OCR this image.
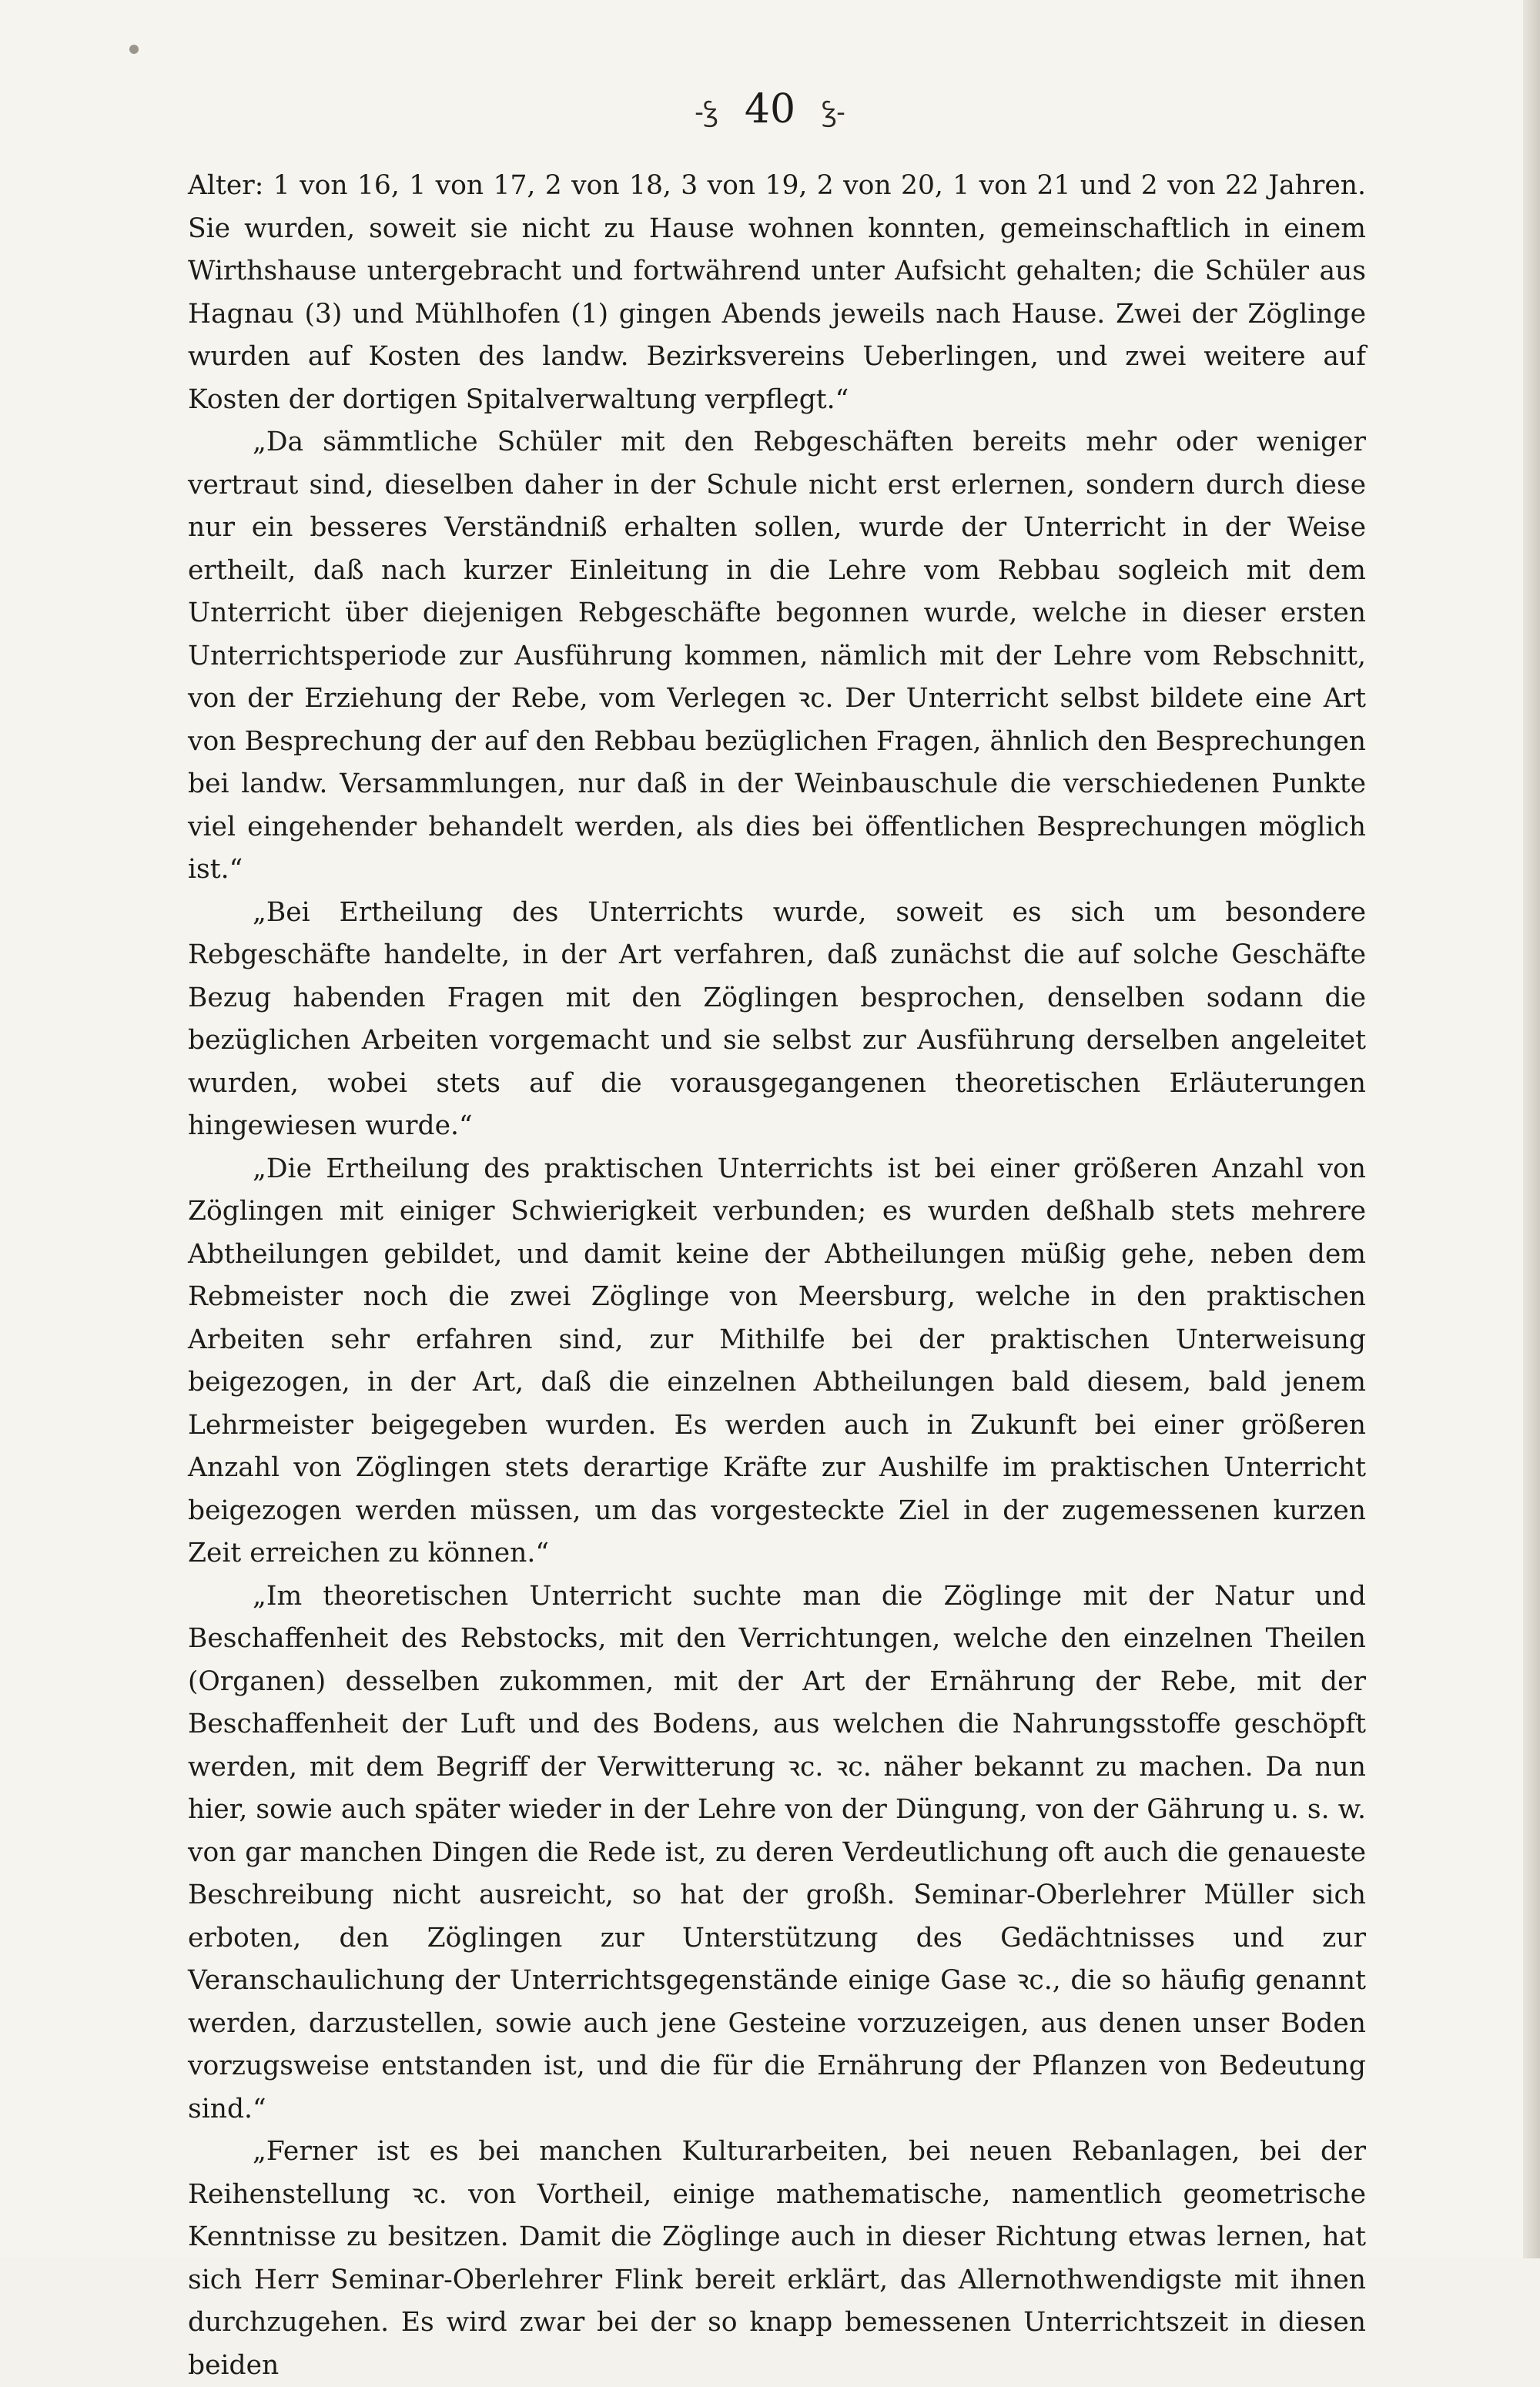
-Ꝣ 40 Ꝣ-

Alter: 1 von 16, 1 von 17, 2 von 18, 3 von 19, 2 von 20, 1 von 21 und 2 von 22 Jahren. Sie wurden, soweit sie nicht zu Hause wohnen konnten, gemeinschaftlich in einem Wirthshause untergebracht und fortwährend unter Aufsicht gehalten; die Schüler aus Hagnau (3) und Mühlhofen (1) gingen Abends jeweils nach Hause. Zwei der Zöglinge wurden auf Kosten des landw. Bezirksvereins Ueberlingen, und zwei weitere auf Kosten der dortigen Spitalverwaltung verpflegt.“

„Da sämmtliche Schüler mit den Rebgeschäften bereits mehr oder weniger vertraut sind, dieselben daher in der Schule nicht erst erlernen, sondern durch diese nur ein besseres Verständniß erhalten sollen, wurde der Unterricht in der Weise ertheilt, daß nach kurzer Einleitung in die Lehre vom Rebbau sogleich mit dem Unterricht über diejenigen Rebgeschäfte begonnen wurde, welche in dieser ersten Unterrichtsperiode zur Ausführung kommen, nämlich mit der Lehre vom Rebschnitt, von der Erziehung der Rebe, vom Verlegen ꝛc. Der Unterricht selbst bildete eine Art von Besprechung der auf den Rebbau bezüglichen Fragen, ähnlich den Besprechungen bei landw. Versammlungen, nur daß in der Weinbauschule die verschiedenen Punkte viel eingehender behandelt werden, als dies bei öffentlichen Besprechungen möglich ist.“

„Bei Ertheilung des Unterrichts wurde, soweit es sich um besondere Rebgeschäfte handelte, in der Art verfahren, daß zunächst die auf solche Geschäfte Bezug habenden Fragen mit den Zöglingen besprochen, denselben sodann die bezüglichen Arbeiten vorgemacht und sie selbst zur Ausführung derselben angeleitet wurden, wobei stets auf die vorausgegangenen theoretischen Erläuterungen hingewiesen wurde.“

„Die Ertheilung des praktischen Unterrichts ist bei einer größeren Anzahl von Zöglingen mit einiger Schwierigkeit verbunden; es wurden deßhalb stets mehrere Abtheilungen gebildet, und damit keine der Abtheilungen müßig gehe, neben dem Rebmeister noch die zwei Zöglinge von Meersburg, welche in den praktischen Arbeiten sehr erfahren sind, zur Mithilfe bei der praktischen Unterweisung beigezogen, in der Art, daß die einzelnen Abtheilungen bald diesem, bald jenem Lehrmeister beigegeben wurden. Es werden auch in Zukunft bei einer größeren Anzahl von Zöglingen stets derartige Kräfte zur Aushilfe im praktischen Unterricht beigezogen werden müssen, um das vorgesteckte Ziel in der zugemessenen kurzen Zeit erreichen zu können.“

„Im theoretischen Unterricht suchte man die Zöglinge mit der Natur und Beschaffenheit des Rebstocks, mit den Verrichtungen, welche den einzelnen Theilen (Organen) desselben zukommen, mit der Art der Ernährung der Rebe, mit der Beschaffenheit der Luft und des Bodens, aus welchen die Nahrungsstoffe geschöpft werden, mit dem Begriff der Verwitterung ꝛc. ꝛc. näher bekannt zu machen. Da nun hier, sowie auch später wieder in der Lehre von der Düngung, von der Gährung u. s. w. von gar manchen Dingen die Rede ist, zu deren Verdeutlichung oft auch die genaueste Beschreibung nicht ausreicht, so hat der großh. Seminar-Oberlehrer Müller sich erboten, den Zöglingen zur Unterstützung des Gedächtnisses und zur Veranschaulichung der Unterrichtsgegenstände einige Gase ꝛc., die so häufig genannt werden, darzustellen, sowie auch jene Gesteine vorzuzeigen, aus denen unser Boden vorzugsweise entstanden ist, und die für die Ernährung der Pflanzen von Bedeutung sind.“

„Ferner ist es bei manchen Kulturarbeiten, bei neuen Rebanlagen, bei der Reihenstellung ꝛc. von Vortheil, einige mathematische, namentlich geometrische Kenntnisse zu besitzen. Damit die Zöglinge auch in dieser Richtung etwas lernen, hat sich Herr Seminar-Oberlehrer Flink bereit erklärt, das Allernothwendigste mit ihnen durchzugehen. Es wird zwar bei der so knapp bemessenen Unterrichtszeit in diesen beiden
